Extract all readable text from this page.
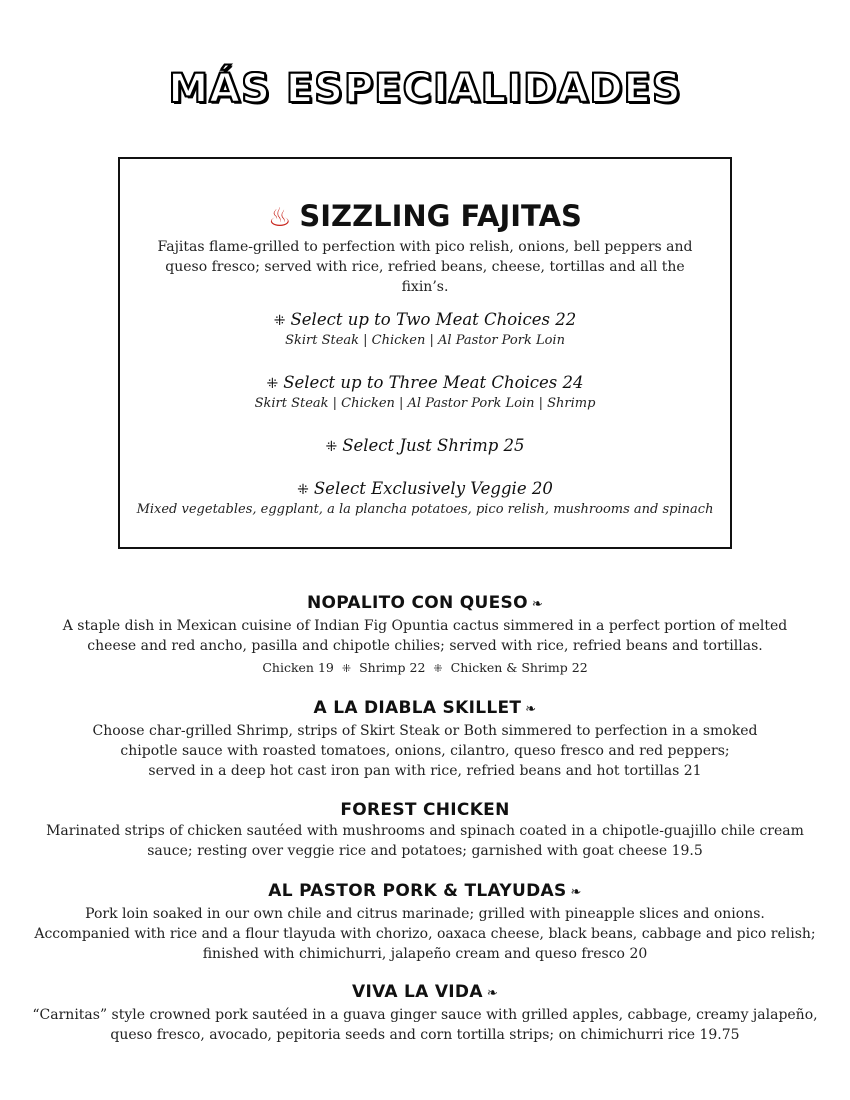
MÁS ESPECIALIDADES
♨ SIZZLING FAJITAS
Fajitas flame-grilled to perfection with pico relish, onions, bell peppers and
queso fresco; served with rice, refried beans, cheese, tortillas and all the fixin’s.
⁜ Select up to Two Meat Choices 22
Skirt Steak | Chicken | Al Pastor Pork Loin
⁜ Select up to Three Meat Choices 24
Skirt Steak | Chicken | Al Pastor Pork Loin | Shrimp
⁜ Select Just Shrimp 25
⁜ Select Exclusively Veggie 20
Mixed vegetables, eggplant, a la plancha potatoes, pico relish, mushrooms and spinach
NOPALITO CON QUESO ❧
A staple dish in Mexican cuisine of Indian Fig Opuntia cactus simmered in a perfect portion of melted
cheese and red ancho, pasilla and chipotle chilies; served with rice, refried beans and tortillas.
Chicken 19 ⁜ Shrimp 22 ⁜ Chicken & Shrimp 22
A LA DIABLA SKILLET ❧
Choose char-grilled Shrimp, strips of Skirt Steak or Both simmered to perfection in a smoked
chipotle sauce with roasted tomatoes, onions, cilantro, queso fresco and red peppers;
served in a deep hot cast iron pan with rice, refried beans and hot tortillas 21
FOREST CHICKEN
Marinated strips of chicken sautéed with mushrooms and spinach coated in a chipotle-guajillo chile cream
sauce; resting over veggie rice and potatoes; garnished with goat cheese 19.5
AL PASTOR PORK & TLAYUDAS ❧
Pork loin soaked in our own chile and citrus marinade; grilled with pineapple slices and onions.
Accompanied with rice and a flour tlayuda with chorizo, oaxaca cheese, black beans, cabbage and pico relish;
finished with chimichurri, jalapeño cream and queso fresco 20
VIVA LA VIDA ❧
“Carnitas” style crowned pork sautéed in a guava ginger sauce with grilled apples, cabbage, creamy jalapeño,
queso fresco, avocado, pepitoria seeds and corn tortilla strips; on chimichurri rice 19.75
